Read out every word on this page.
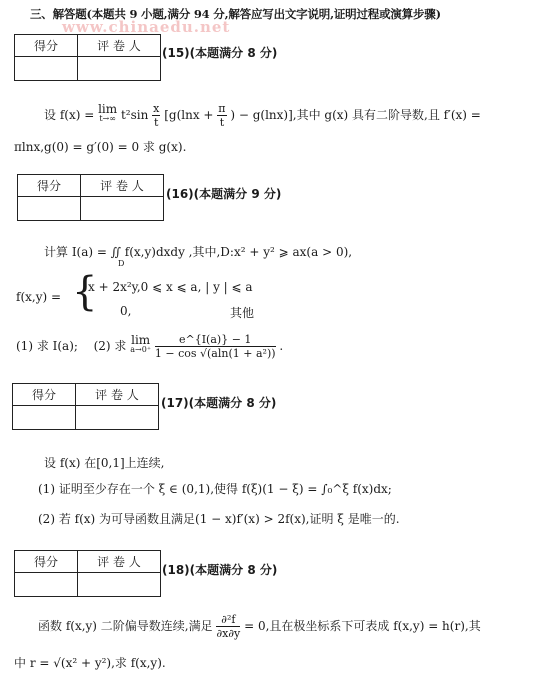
三、解答题(本题共 9 小题,满分 94 分,解答应写出文字说明,证明过程或演算步骤)
www.chinaedu.net
得分	评 卷 人
	(15)(本题满分 8 分)
设 f(x) = lim
t→∞ $t^2\sin \frac{x}{t} [g(\ln x + \frac{\pi}{t}$ ) − g(lnx)],其中 g(x) 具有二阶导数,且 f′(x) =
πlnx,g(0) = g′(0) = 0 求 g(x).
得分	评 卷 人

(16)(本题满分 9 分)
计算 I(a) = ∬ f(x,y)dxdy ,其中,D:x² + y² ⩾ ax(a > 0),
D
f(x,y) = {
x + 2x²y,0 ⩽ x ⩽ a, | y | ⩽ a
0,	其他
(1) 求 I(a); (2) 求 lim
a→0⁺
$\frac{e\^{}\{I(a)\} - 1}{\text{1 − cos √(aln(1 + a²))}}$ .
得分	评 卷 人

(17)(本题满分 8 分)
设 f(x) 在[0,1]上连续,
(1) 证明至少存在一个 ξ ∈ (0,1),使得 f(ξ)(1 − ξ) = ∫₀^ξ f(x)dx;
(2) 若 f(x) 为可导函数且满足(1 − x)f′(x) > 2f(x),证明 ξ 是唯一的.
得分	评 卷 人

(18)(本题满分 8 分)
函数 f(x,y) 二阶偏导数连续,满足 $\frac{\text{∂²f}}{\partial x\partial y} = 0$,且在极坐标系下可表成 f(x,y) = h(r),其
中 r = √(x² + y²),求 f(x,y).
